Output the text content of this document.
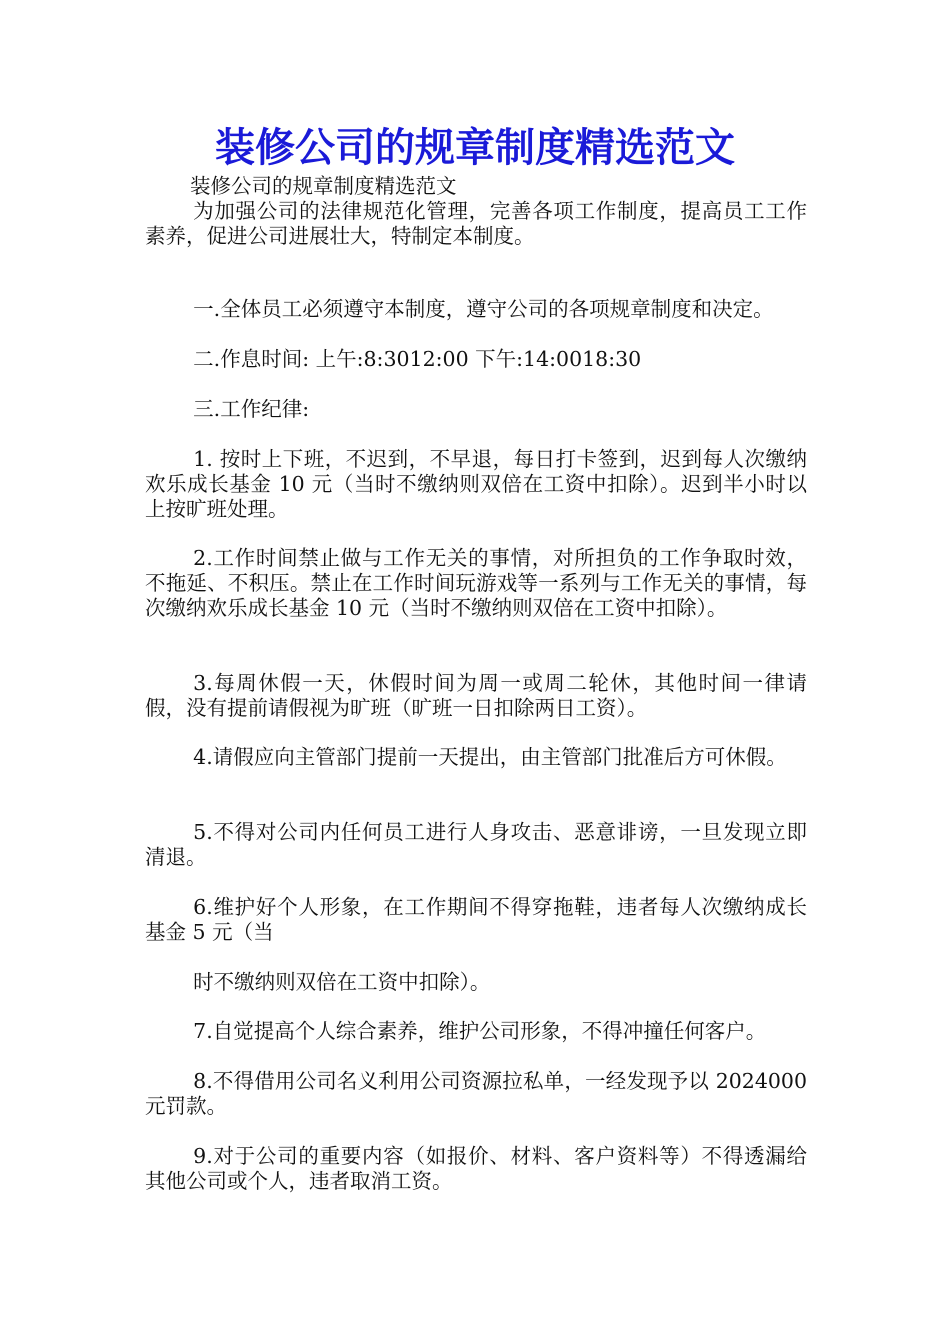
装修公司的规章制度精选范文

装修公司的规章制度精选范文

为加强公司的法律规范化管理，完善各项工作制度，提高员工工作素养，促进公司进展壮大，特制定本制度。

一.全体员工必须遵守本制度，遵守公司的各项规章制度和决定。

二.作息时间: 上午:8:3012:00 下午:14:0018:30

三.工作纪律:

1. 按时上下班，不迟到，不早退，每日打卡签到，迟到每人次缴纳欢乐成长基金 10 元（当时不缴纳则双倍在工资中扣除）。迟到半小时以上按旷班处理。

2.工作时间禁止做与工作无关的事情，对所担负的工作争取时效，不拖延、不积压。禁止在工作时间玩游戏等一系列与工作无关的事情，每次缴纳欢乐成长基金 10 元（当时不缴纳则双倍在工资中扣除）。

3.每周休假一天，休假时间为周一或周二轮休，其他时间一律请假，没有提前请假视为旷班（旷班一日扣除两日工资）。

4.请假应向主管部门提前一天提出，由主管部门批准后方可休假。

5.不得对公司内任何员工进行人身攻击、恶意诽谤，一旦发现立即清退。

6.维护好个人形象，在工作期间不得穿拖鞋，违者每人次缴纳成长基金 5 元（当

时不缴纳则双倍在工资中扣除）。

7.自觉提高个人综合素养，维护公司形象，不得冲撞任何客户。

8.不得借用公司名义利用公司资源拉私单，一经发现予以 2024000 元罚款。

9.对于公司的重要内容（如报价、材料、客户资料等）不得透漏给其他公司或个人，违者取消工资。
